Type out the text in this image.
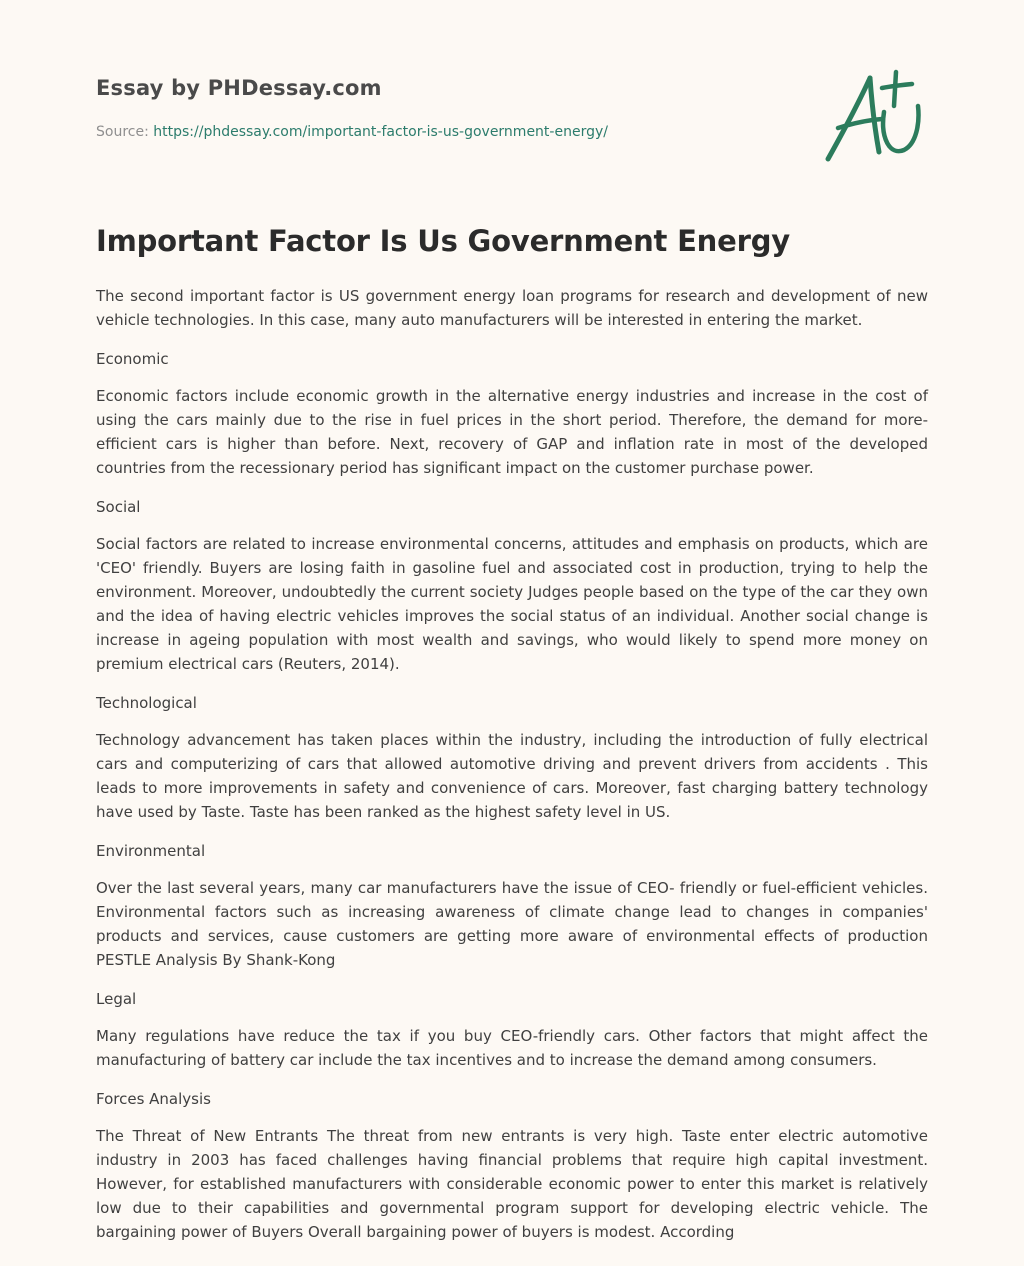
Essay by PHDessay.com
Source: https://phdessay.com/important-factor-is-us-government-energy/
Important Factor Is Us Government Energy

The second important factor is US government energy loan programs for research and development of new vehicle technologies. In this case, many auto manufacturers will be interested in entering the market.

Economic

Economic factors include economic growth in the alternative energy industries and increase in the cost of using the cars mainly due to the rise in fuel prices in the short period. Therefore, the demand for more-efficient cars is higher than before. Next, recovery of GAP and inflation rate in most of the developed countries from the recessionary period has significant impact on the customer purchase power.

Social

Social factors are related to increase environmental concerns, attitudes and emphasis on products, which are 'CEO' friendly. Buyers are losing faith in gasoline fuel and associated cost in production, trying to help the environment. Moreover, undoubtedly the current society Judges people based on the type of the car they own and the idea of having electric vehicles improves the social status of an individual. Another social change is increase in ageing population with most wealth and savings, who would likely to spend more money on premium electrical cars (Reuters, 2014).

Technological

Technology advancement has taken places within the industry, including the introduction of fully electrical cars and computerizing of cars that allowed automotive driving and prevent drivers from accidents . This leads to more improvements in safety and convenience of cars. Moreover, fast charging battery technology have used by Taste. Taste has been ranked as the highest safety level in US.

Environmental

Over the last several years, many car manufacturers have the issue of CEO- friendly or fuel-efficient vehicles. Environmental factors such as increasing awareness of climate change lead to changes in companies' products and services, cause customers are getting more aware of environmental effects of production PESTLE Analysis By Shank-Kong

Legal

Many regulations have reduce the tax if you buy CEO-friendly cars. Other factors that might affect the manufacturing of battery car include the tax incentives and to increase the demand among consumers.

Forces Analysis

The Threat of New Entrants The threat from new entrants is very high. Taste enter electric automotive industry in 2003 has faced challenges having financial problems that require high capital investment. However, for established manufacturers with considerable economic power to enter this market is relatively low due to their capabilities and governmental program support for developing electric vehicle. The bargaining power of Buyers Overall bargaining power of buyers is modest. According
